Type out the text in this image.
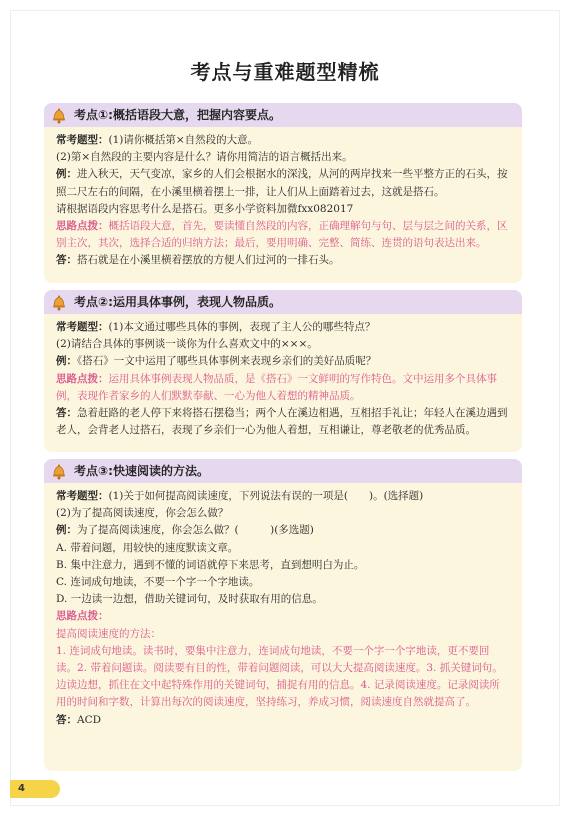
考点与重难题型精梳
考点①:概括语段大意，把握内容要点。

常考题型：(1)请你概括第×自然段的大意。

(2)第×自然段的主要内容是什么？请你用简洁的语言概括出来。

例：进入秋天，天气变凉，家乡的人们会根据水的深浅，从河的两岸找来一些平整方正的石头，按照二尺左右的间隔，在小溪里横着摆上一排，让人们从上面踏着过去，这就是搭石。

请根据语段内容思考什么是搭石。更多小学资料加微fxx082017

思路点拨：概括语段大意，首先，要读懂自然段的内容，正确理解句与句、层与层之间的关系，区别主次，其次，选择合适的归纳方法；最后，要用明确、完整、简练、连贯的语句表达出来。

答：搭石就是在小溪里横着摆放的方便人们过河的一排石头。

考点②:运用具体事例，表现人物品质。

常考题型：(1)本文通过哪些具体的事例，表现了主人公的哪些特点？

(2)请结合具体的事例谈一谈你为什么喜欢文中的×××。

例：《搭石》一文中运用了哪些具体事例来表现乡亲们的美好品质呢？

思路点拨：运用具体事例表现人物品质，是《搭石》一文鲜明的写作特色。文中运用多个具体事例，表现作者家乡的人们默默奉献、一心为他人着想的精神品质。

答：急着赶路的老人停下来将搭石摆稳当；两个人在溪边相遇，互相招手礼让；年轻人在溪边遇到老人，会背老人过搭石，表现了乡亲们一心为他人着想，互相谦让，尊老敬老的优秀品质。

考点③:快速阅读的方法。

常考题型：(1)关于如何提高阅读速度，下列说法有误的一项是(　　)。(选择题)

(2)为了提高阅读速度，你会怎么做？

例：为了提高阅读速度，你会怎么做？(　　　)(多选题)

A. 带着问题，用较快的速度默读文章。

B. 集中注意力，遇到不懂的词语就停下来思考，直到想明白为止。

C. 连词成句地读，不要一个字一个字地读。

D. 一边读一边想，借助关键词句，及时获取有用的信息。

思路点拨：

提高阅读速度的方法：

1. 连词成句地读。读书时，要集中注意力，连词成句地读，不要一个字一个字地读，更不要回读。2. 带着问题读。阅读要有目的性，带着问题阅读，可以大大提高阅读速度。3. 抓关键词句。边读边想，抓住在文中起特殊作用的关键词句，捕捉有用的信息。4. 记录阅读速度。记录阅读所用的时间和字数，计算出每次的阅读速度，坚持练习，养成习惯，阅读速度自然就提高了。

答：ACD

4
